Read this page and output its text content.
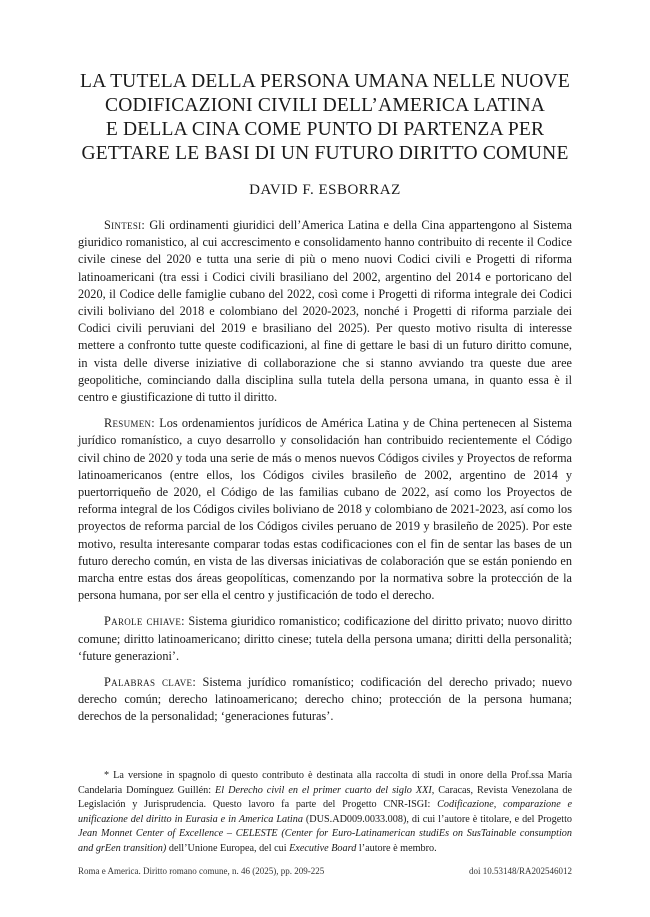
LA TUTELA DELLA PERSONA UMANA NELLE NUOVE
CODIFICAZIONI CIVILI DELL’AMERICA LATINA
E DELLA CINA COME PUNTO DI PARTENZA PER
GETTARE LE BASI DI UN FUTURO DIRITTO COMUNE
DAVID F. ESBORRAZ

Sintesi: Gli ordinamenti giuridici dell’America Latina e della Cina appartengono al Sistema giuridico romanistico, al cui accrescimento e consolidamento hanno contribuito di recente il Codice civile cinese del 2020 e tutta una serie di più o meno nuovi Codici civili e Progetti di riforma latinoamericani (tra essi i Codici civili brasiliano del 2002, argentino del 2014 e portoricano del 2020, il Codice delle famiglie cubano del 2022, così come i Progetti di riforma integrale dei Codici civili boliviano del 2018 e colombiano del 2020-2023, nonché i Progetti di riforma parziale dei Codici civili peruviani del 2019 e brasiliano del 2025). Per questo motivo risulta di interesse mettere a confronto tutte queste codificazioni, al fine di gettare le basi di un futuro diritto comune, in vista delle diverse iniziative di collaborazione che si stanno avviando tra queste due aree geopolitiche, cominciando dalla disciplina sulla tutela della persona umana, in quanto essa è il centro e giustificazione di tutto il diritto.

Resumen: Los ordenamientos jurídicos de América Latina y de China pertenecen al Sistema jurídico romanístico, a cuyo desarrollo y consolidación han contribuido recientemente el Código civil chino de 2020 y toda una serie de más o menos nuevos Códigos civiles y Proyectos de reforma latinoamericanos (entre ellos, los Códigos civiles brasileño de 2002, argentino de 2014 y puertorriqueño de 2020, el Código de las familias cubano de 2022, así como los Proyectos de reforma integral de los Códigos civiles boliviano de 2018 y colombiano de 2021-2023, así como los proyectos de reforma parcial de los Códigos civiles peruano de 2019 y brasileño de 2025). Por este motivo, resulta interesante comparar todas estas codificaciones con el fin de sentar las bases de un futuro derecho común, en vista de las diversas iniciativas de colaboración que se están poniendo en marcha entre estas dos áreas geopolíticas, comenzando por la normativa sobre la protección de la persona humana, por ser ella el centro y justificación de todo el derecho.

Parole chiave: Sistema giuridico romanistico; codificazione del diritto privato; nuovo diritto comune; diritto latinoamericano; diritto cinese; tutela della persona umana; diritti della personalità; ‘future generazioni’.

Palabras clave: Sistema jurídico romanístico; codificación del derecho privado; nuevo derecho común; derecho latinoamericano; derecho chino; protección de la persona humana; derechos de la personalidad; ‘generaciones futuras’.

* La versione in spagnolo di questo contributo è destinata alla raccolta di studi in onore della Prof.ssa María Candelaria Domínguez Guillén: El Derecho civil en el primer cuarto del siglo XXI, Caracas, Revista Venezolana de Legislación y Jurisprudencia. Questo lavoro fa parte del Progetto CNR-ISGI: Codificazione, comparazione e unificazione del diritto in Eurasia e in America Latina (DUS.AD009.0033.008), di cui l’autore è titolare, e del Progetto Jean Monnet Center of Excellence – CELESTE (Center for Euro-Latinamerican studiEs on SusTainable consumption and grEen transition) dell’Unione Europea, del cui Executive Board l’autore è membro.

Roma e America. Diritto romano comune, n. 46 (2025), pp. 209-225	doi 10.53148/RA202546012
